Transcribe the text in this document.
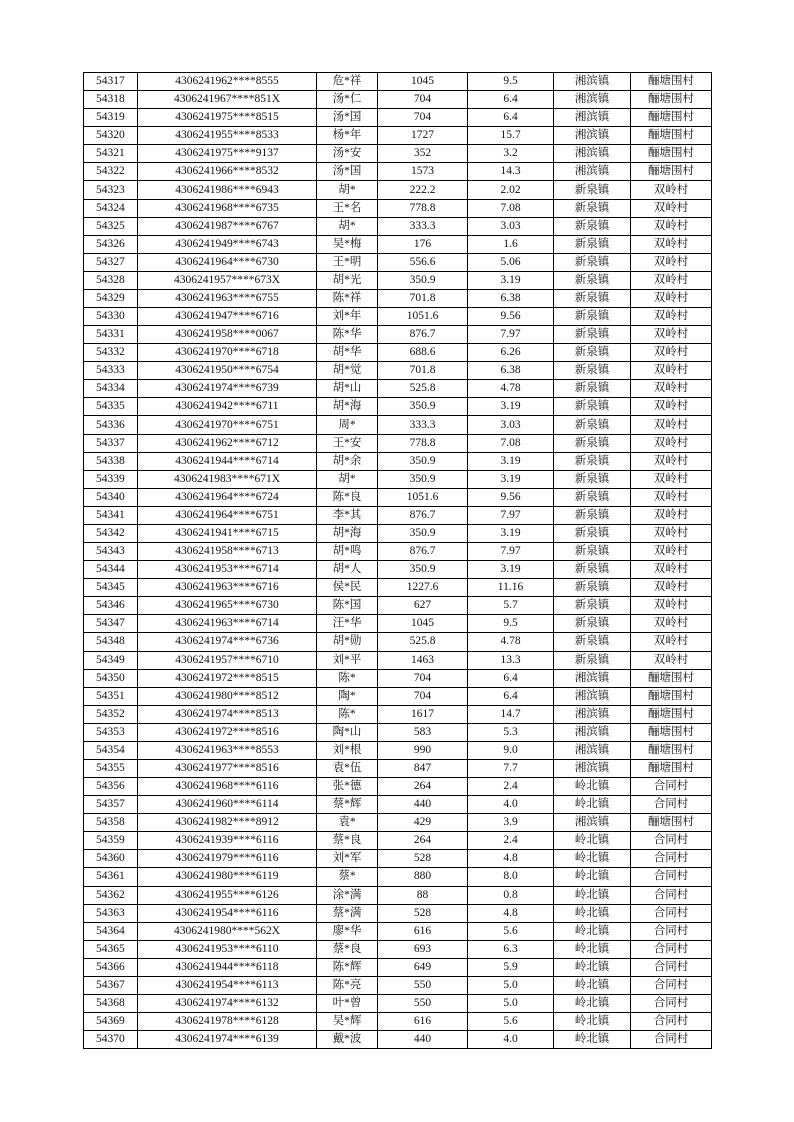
54317	4306241962****8555	危*祥	1045	9.5	湘滨镇	酾塘围村
54318	4306241967****851X	汤*仁	704	6.4	湘滨镇	酾塘围村
54319	4306241975****8515	汤*国	704	6.4	湘滨镇	酾塘围村
54320	4306241955****8533	杨*年	1727	15.7	湘滨镇	酾塘围村
54321	4306241975****9137	汤*安	352	3.2	湘滨镇	酾塘围村
54322	4306241966****8532	汤*国	1573	14.3	湘滨镇	酾塘围村
54323	4306241986****6943	胡*	222.2	2.02	新泉镇	双岭村
54324	4306241968****6735	王*名	778.8	7.08	新泉镇	双岭村
54325	4306241987****6767	胡*	333.3	3.03	新泉镇	双岭村
54326	4306241949****6743	吴*梅	176	1.6	新泉镇	双岭村
54327	4306241964****6730	王*明	556.6	5.06	新泉镇	双岭村
54328	4306241957****673X	胡*光	350.9	3.19	新泉镇	双岭村
54329	4306241963****6755	陈*祥	701.8	6.38	新泉镇	双岭村
54330	4306241947****6716	刘*年	1051.6	9.56	新泉镇	双岭村
54331	4306241958****0067	陈*华	876.7	7.97	新泉镇	双岭村
54332	4306241970****6718	胡*华	688.6	6.26	新泉镇	双岭村
54333	4306241950****6754	胡*觉	701.8	6.38	新泉镇	双岭村
54334	4306241974****6739	胡*山	525.8	4.78	新泉镇	双岭村
54335	4306241942****6711	胡*海	350.9	3.19	新泉镇	双岭村
54336	4306241970****6751	周*	333.3	3.03	新泉镇	双岭村
54337	4306241962****6712	王*安	778.8	7.08	新泉镇	双岭村
54338	4306241944****6714	胡*余	350.9	3.19	新泉镇	双岭村
54339	4306241983****671X	胡*	350.9	3.19	新泉镇	双岭村
54340	4306241964****6724	陈*良	1051.6	9.56	新泉镇	双岭村
54341	4306241964****6751	李*其	876.7	7.97	新泉镇	双岭村
54342	4306241941****6715	胡*海	350.9	3.19	新泉镇	双岭村
54343	4306241958****6713	胡*鸣	876.7	7.97	新泉镇	双岭村
54344	4306241953****6714	胡*人	350.9	3.19	新泉镇	双岭村
54345	4306241963****6716	侯*民	1227.6	11.16	新泉镇	双岭村
54346	4306241965****6730	陈*国	627	5.7	新泉镇	双岭村
54347	4306241963****6714	汪*华	1045	9.5	新泉镇	双岭村
54348	4306241974****6736	胡*勋	525.8	4.78	新泉镇	双岭村
54349	4306241957****6710	刘*平	1463	13.3	新泉镇	双岭村
54350	4306241972****8515	陈*	704	6.4	湘滨镇	酾塘围村
54351	4306241980****8512	陶*	704	6.4	湘滨镇	酾塘围村
54352	4306241974****8513	陈*	1617	14.7	湘滨镇	酾塘围村
54353	4306241972****8516	陶*山	583	5.3	湘滨镇	酾塘围村
54354	4306241963****8553	刘*根	990	9.0	湘滨镇	酾塘围村
54355	4306241977****8516	袁*伍	847	7.7	湘滨镇	酾塘围村
54356	4306241968****6116	张*德	264	2.4	岭北镇	合同村
54357	4306241960****6114	蔡*辉	440	4.0	岭北镇	合同村
54358	4306241982****8912	袁*	429	3.9	湘滨镇	酾塘围村
54359	4306241939****6116	蔡*良	264	2.4	岭北镇	合同村
54360	4306241979****6116	刘*军	528	4.8	岭北镇	合同村
54361	4306241980****6119	蔡*	880	8.0	岭北镇	合同村
54362	4306241955****6126	涂*满	88	0.8	岭北镇	合同村
54363	4306241954****6116	蔡*满	528	4.8	岭北镇	合同村
54364	4306241980****562X	廖*华	616	5.6	岭北镇	合同村
54365	4306241953****6110	蔡*良	693	6.3	岭北镇	合同村
54366	4306241944****6118	陈*辉	649	5.9	岭北镇	合同村
54367	4306241954****6113	陈*亮	550	5.0	岭北镇	合同村
54368	4306241974****6132	叶*曾	550	5.0	岭北镇	合同村
54369	4306241978****6128	吴*辉	616	5.6	岭北镇	合同村
54370	4306241974****6139	戴*波	440	4.0	岭北镇	合同村
